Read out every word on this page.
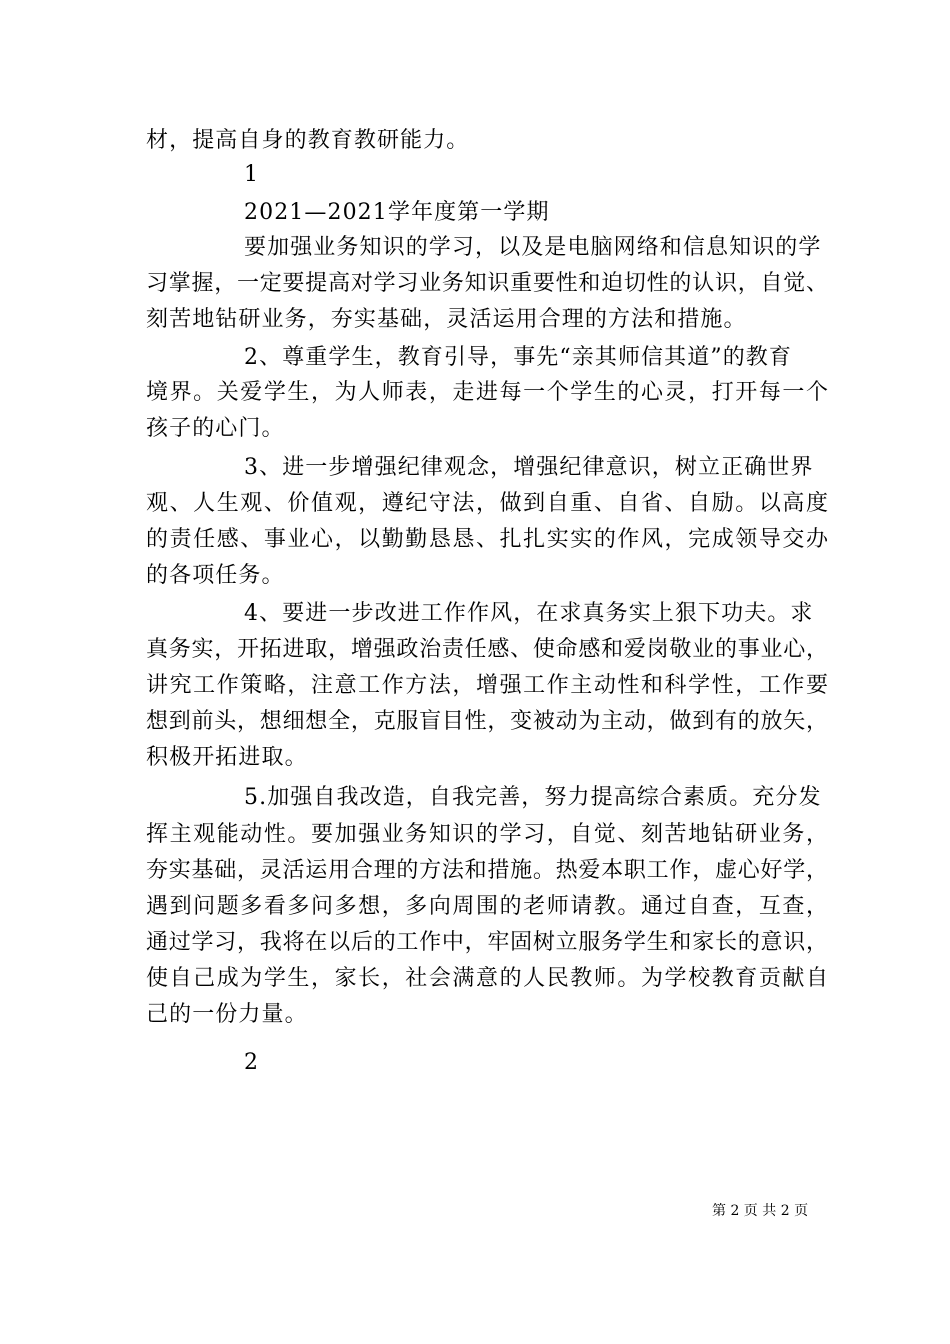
材，提高自身的教育教研能力。
1
2021—2021学年度第一学期
要加强业务知识的学习，以及是电脑网络和信息知识的学
习掌握，一定要提高对学习业务知识重要性和迫切性的认识，自觉、
刻苦地钻研业务，夯实基础，灵活运用合理的方法和措施。
2、尊重学生，教育引导，事先“亲其师信其道”的教育
境界。关爱学生，为人师表，走进每一个学生的心灵，打开每一个
孩子的心门。
3、进一步增强纪律观念，增强纪律意识，树立正确世界
观、人生观、价值观，遵纪守法，做到自重、自省、自励。以高度
的责任感、事业心，以勤勤恳恳、扎扎实实的作风，完成领导交办
的各项任务。
4、要进一步改进工作作风，在求真务实上狠下功夫。求
真务实，开拓进取，增强政治责任感、使命感和爱岗敬业的事业心，
讲究工作策略，注意工作方法，增强工作主动性和科学性，工作要
想到前头，想细想全，克服盲目性，变被动为主动，做到有的放矢，
积极开拓进取。
5.加强自我改造，自我完善，努力提高综合素质。充分发
挥主观能动性。要加强业务知识的学习，自觉、刻苦地钻研业务，
夯实基础，灵活运用合理的方法和措施。热爱本职工作，虚心好学，
遇到问题多看多问多想，多向周围的老师请教。通过自查，互查，
通过学习，我将在以后的工作中，牢固树立服务学生和家长的意识，
使自己成为学生，家长，社会满意的人民教师。为学校教育贡献自
己的一份力量。
2
第 2 页 共 2 页
